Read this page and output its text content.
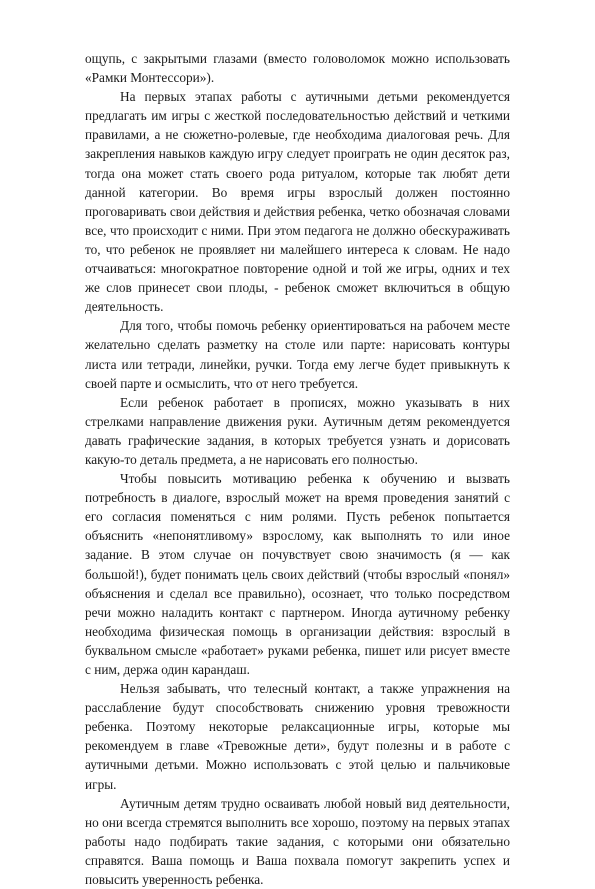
ощупь, с закрытыми глазами (вместо головоломок можно использовать «Рамки Монтессори»).

На первых этапах работы с аутичными детьми рекомендуется предлагать им игры с жесткой последовательностью действий и четкими правилами, а не сюжетно-ролевые, где необходима диалоговая речь. Для закрепления навыков каждую игру следует проиграть не один десяток раз, тогда она может стать своего рода ритуалом, которые так любят дети данной категории. Во время игры взрослый должен постоянно проговаривать свои действия и действия ребенка, четко обозначая словами все, что происходит с ними. При этом педагога не должно обескураживать то, что ребенок не проявляет ни малейшего интереса к словам. Не надо отчаиваться: многократное повторение одной и той же игры, одних и тех же слов принесет свои плоды, - ребенок сможет включиться в общую деятельность.

Для того, чтобы помочь ребенку ориентироваться на рабочем месте желательно сделать разметку на столе или парте: нарисовать контуры листа или тетради, линейки, ручки. Тогда ему легче будет привыкнуть к своей парте и осмыслить, что от него требуется.

Если ребенок работает в прописях, можно указывать в них стрелками направление движения руки. Аутичным детям рекомендуется давать графические задания, в которых требуется узнать и дорисовать какую-то деталь предмета, а не нарисовать его полностью.

Чтобы повысить мотивацию ребенка к обучению и вызвать потребность в диалоге, взрослый может на время проведения занятий с его согласия поменяться с ним ролями. Пусть ребенок попытается объяснить «непонятливому» взрослому, как выполнять то или иное задание. В этом случае он почувствует свою значимость (я — как большой!), будет понимать цель своих действий (чтобы взрослый «понял» объяснения и сделал все правильно), осознает, что только посредством речи можно наладить контакт с партнером. Иногда аутичному ребенку необходима физическая помощь в организации действия: взрослый в буквальном смысле «работает» руками ребенка, пишет или рисует вместе с ним, держа один карандаш.

Нельзя забывать, что телесный контакт, а также упражнения на расслабление будут способствовать снижению уровня тревожности ребенка. Поэтому некоторые релаксационные игры, которые мы рекомендуем в главе «Тревожные дети», будут полезны и в работе с аутичными детьми. Можно использовать с этой целью и пальчиковые игры.

Аутичным детям трудно осваивать любой новый вид деятельности, но они всегда стремятся выполнить все хорошо, поэтому на первых этапах работы надо подбирать такие задания, с которыми они обязательно справятся. Ваша помощь и Ваша похвала помогут закрепить успех и повысить уверенность ребенка.
